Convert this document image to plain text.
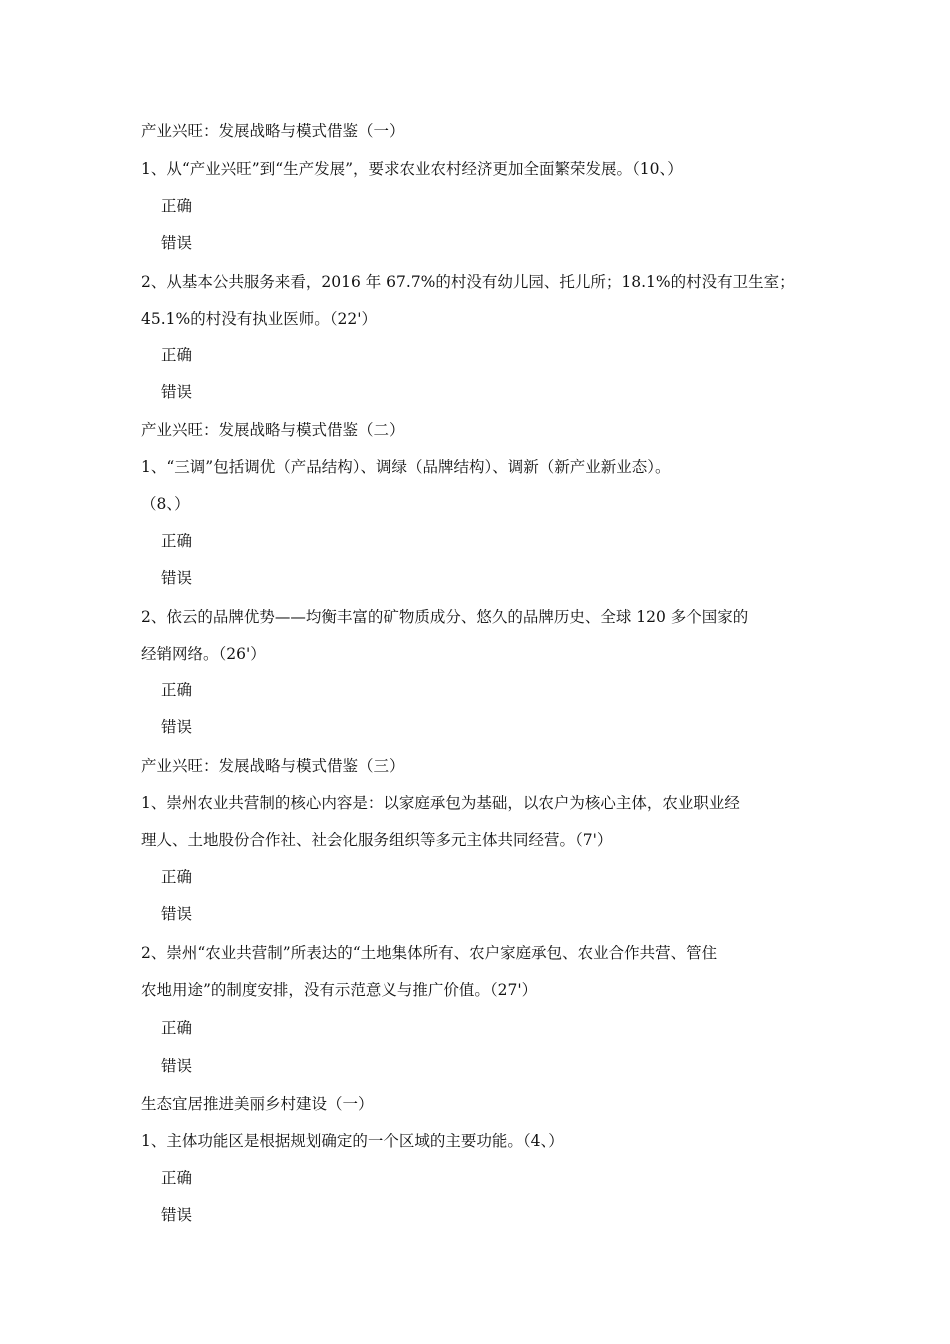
产业兴旺：发展战略与模式借鉴（一）
1、从“产业兴旺”到“生产发展”，要求农业农村经济更加全面繁荣发展。（10、）
正确
错误
2、从基本公共服务来看，2016 年 67.7%的村没有幼儿园、托儿所；18.1%的村没有卫生室；
45.1%的村没有执业医师。（22'）
正确
错误
产业兴旺：发展战略与模式借鉴（二）
1、“三调”包括调优（产品结构）、调绿（品牌结构）、调新（新产业新业态）。
（8、）
正确
错误
2、依云的品牌优势——均衡丰富的矿物质成分、悠久的品牌历史、全球 120 多个国家的
经销网络。（26'）
正确
错误
产业兴旺：发展战略与模式借鉴（三）
1、崇州农业共营制的核心内容是：以家庭承包为基础，以农户为核心主体，农业职业经
理人、土地股份合作社、社会化服务组织等多元主体共同经营。（7'）
正确
错误
2、崇州“农业共营制”所表达的“土地集体所有、农户家庭承包、农业合作共营、管住
农地用途”的制度安排，没有示范意义与推广价值。（27'）
正确
错误
生态宜居推进美丽乡村建设（一）
1、主体功能区是根据规划确定的一个区域的主要功能。（4、）
正确
错误
